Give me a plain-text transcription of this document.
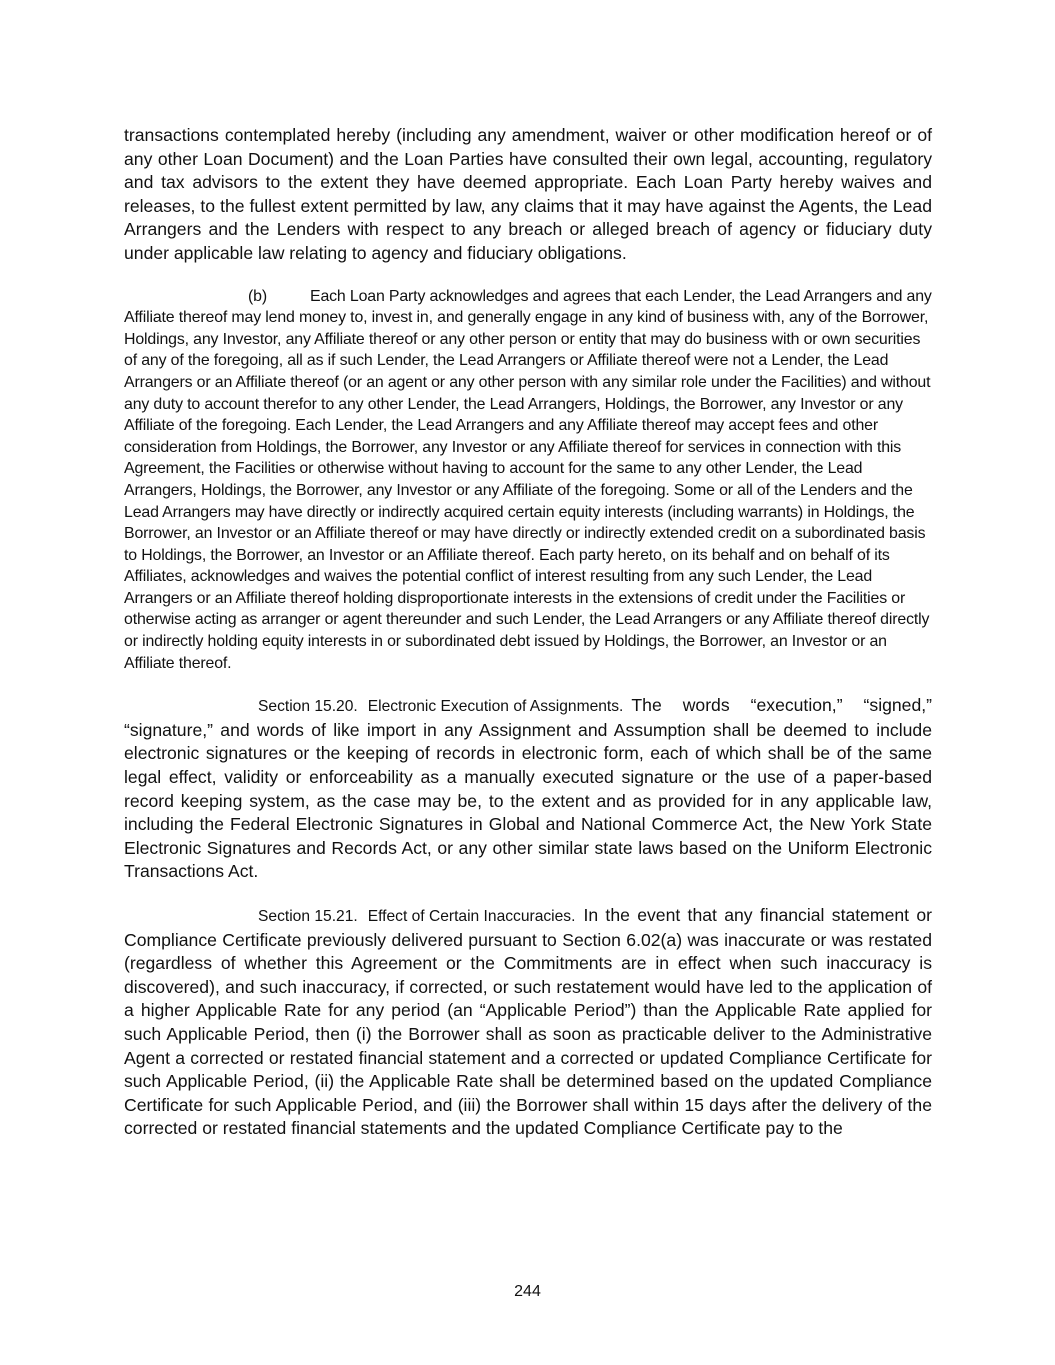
transactions contemplated hereby (including any amendment, waiver or other modification hereof or of any other Loan Document) and the Loan Parties have consulted their own legal, accounting, regulatory and tax advisors to the extent they have deemed appropriate. Each Loan Party hereby waives and releases, to the fullest extent permitted by law, any claims that it may have against the Agents, the Lead Arrangers and the Lenders with respect to any breach or alleged breach of agency or fiduciary duty under applicable law relating to agency and fiduciary obligations.

(b)	Each Loan Party acknowledges and agrees that each Lender, the Lead Arrangers and any Affiliate thereof may lend money to, invest in, and generally engage in any kind of business with, any of the Borrower, Holdings, any Investor, any Affiliate thereof or any other person or entity that may do business with or own securities of any of the foregoing, all as if such Lender, the Lead Arrangers or Affiliate thereof were not a Lender, the Lead Arrangers or an Affiliate thereof (or an agent or any other person with any similar role under the Facilities) and without any duty to account therefor to any other Lender, the Lead Arrangers, Holdings, the Borrower, any Investor or any Affiliate of the foregoing. Each Lender, the Lead Arrangers and any Affiliate thereof may accept fees and other consideration from Holdings, the Borrower, any Investor or any Affiliate thereof for services in connection with this Agreement, the Facilities or otherwise without having to account for the same to any other Lender, the Lead Arrangers, Holdings, the Borrower, any Investor or any Affiliate of the foregoing. Some or all of the Lenders and the Lead Arrangers may have directly or indirectly acquired certain equity interests (including warrants) in Holdings, the Borrower, an Investor or an Affiliate thereof or may have directly or indirectly extended credit on a subordinated basis to Holdings, the Borrower, an Investor or an Affiliate thereof. Each party hereto, on its behalf and on behalf of its Affiliates, acknowledges and waives the potential conflict of interest resulting from any such Lender, the Lead Arrangers or an Affiliate thereof holding disproportionate interests in the extensions of credit under the Facilities or otherwise acting as arranger or agent thereunder and such Lender, the Lead Arrangers or any Affiliate thereof directly or indirectly holding equity interests in or subordinated debt issued by Holdings, the Borrower, an Investor or an Affiliate thereof.

Section 15.20. Electronic Execution of Assignments. The words “execution,” “signed,” “signature,” and words of like import in any Assignment and Assumption shall be deemed to include electronic signatures or the keeping of records in electronic form, each of which shall be of the same legal effect, validity or enforceability as a manually executed signature or the use of a paper-based record keeping system, as the case may be, to the extent and as provided for in any applicable law, including the Federal Electronic Signatures in Global and National Commerce Act, the New York State Electronic Signatures and Records Act, or any other similar state laws based on the Uniform Electronic Transactions Act.

Section 15.21. Effect of Certain Inaccuracies. In the event that any financial statement or Compliance Certificate previously delivered pursuant to Section 6.02(a) was inaccurate or was restated (regardless of whether this Agreement or the Commitments are in effect when such inaccuracy is discovered), and such inaccuracy, if corrected, or such restatement would have led to the application of a higher Applicable Rate for any period (an “Applicable Period”) than the Applicable Rate applied for such Applicable Period, then (i) the Borrower shall as soon as practicable deliver to the Administrative Agent a corrected or restated financial statement and a corrected or updated Compliance Certificate for such Applicable Period, (ii) the Applicable Rate shall be determined based on the updated Compliance Certificate for such Applicable Period, and (iii) the Borrower shall within 15 days after the delivery of the corrected or restated financial statements and the updated Compliance Certificate pay to the

244
